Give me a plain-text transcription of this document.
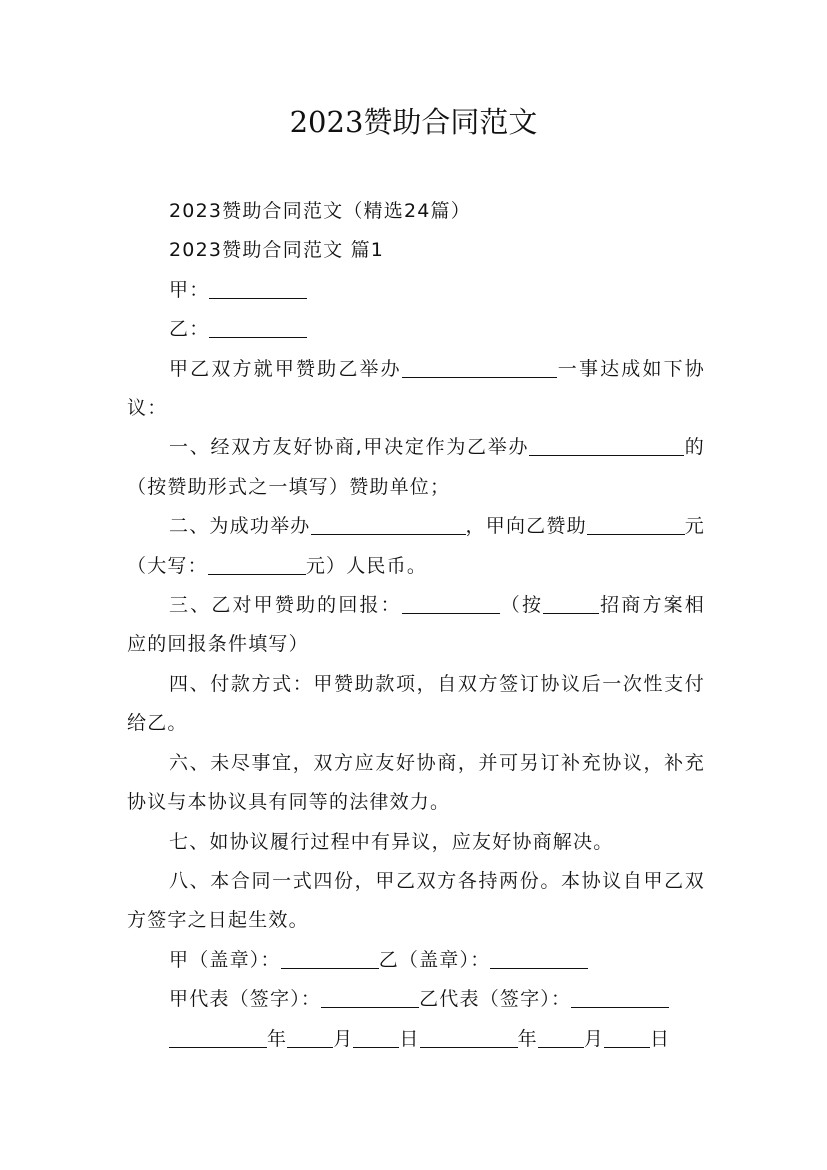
2023赞助合同范文

2023赞助合同范文（精选24篇）

2023赞助合同范文 篇1

甲：

乙：

甲乙双方就甲赞助乙举办	一事达成如下协议：

一、经双方友好协商,甲决定作为乙举办	的（按赞助形式之一填写）赞助单位；

二、为成功举办	，甲向乙赞助	元（大写：	元）人民币。

三、乙对甲赞助的回报：	（按	招商方案相应的回报条件填写）

四、付款方式：甲赞助款项，自双方签订协议后一次性支付给乙。

六、未尽事宜，双方应友好协商，并可另订补充协议，补充协议与本协议具有同等的法律效力。

七、如协议履行过程中有异议，应友好协商解决。

八、本合同一式四份，甲乙双方各持两份。本协议自甲乙双方签字之日起生效。

甲（盖章）：	乙（盖章）：

甲代表（签字）：	乙代表（签字）：

年 月 日	年 月 日
